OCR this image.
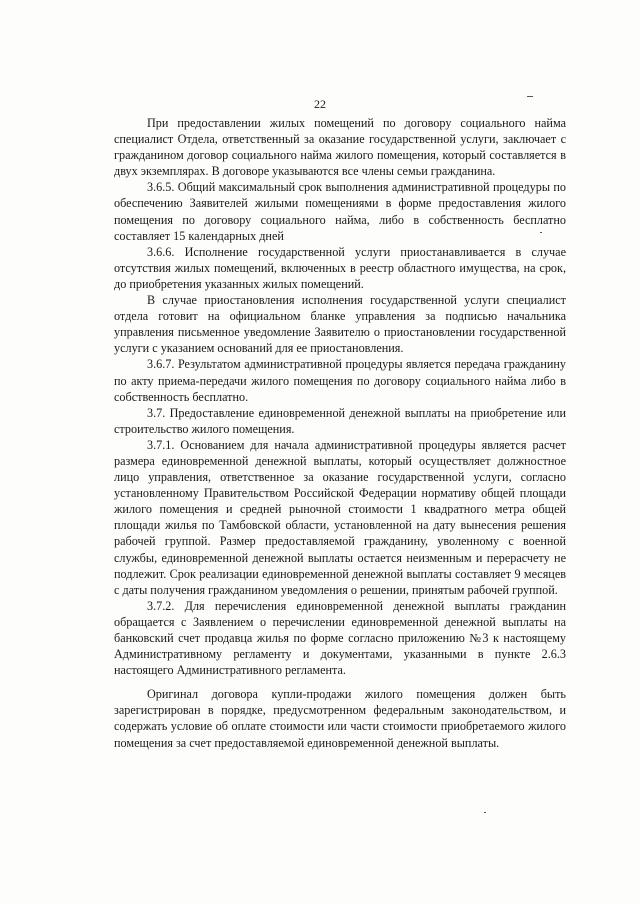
22

При предоставлении жилых помещений по договору социального найма специалист Отдела, ответственный за оказание государственной услуги, заключает с гражданином договор социального найма жилого помещения, который составляется в двух экземплярах. В договоре указываются все члены семьи гражданина.

3.6.5. Общий максимальный срок выполнения административной процедуры по обеспечению Заявителей жилыми помещениями в форме предоставления жилого помещения по договору социального найма, либо в собственность бесплатно составляет 15 календарных дней

3.6.6. Исполнение государственной услуги приостанавливается в случае отсутствия жилых помещений, включенных в реестр областного имущества, на срок, до приобретения указанных жилых помещений.

В случае приостановления исполнения государственной услуги специалист отдела готовит на официальном бланке управления за подписью начальника управления письменное уведомление Заявителю о приостановлении государственной услуги с указанием оснований для ее приостановления.

3.6.7. Результатом административной процедуры является передача гражданину по акту приема-передачи жилого помещения по договору социального найма либо в собственность бесплатно.

3.7. Предоставление единовременной денежной выплаты на приобретение или строительство жилого помещения.

3.7.1. Основанием для начала административной процедуры является расчет размера единовременной денежной выплаты, который осуществляет должностное лицо управления, ответственное за оказание государственной услуги, согласно установленному Правительством Российской Федерации нормативу общей площади жилого помещения и средней рыночной стоимости 1 квадратного метра общей площади жилья по Тамбовской области, установленной на дату вынесения решения рабочей группой. Размер предоставляемой гражданину, уволенному с военной службы, единовременной денежной выплаты остается неизменным и перерасчету не подлежит. Срок реализации единовременной денежной выплаты составляет 9 месяцев с даты получения гражданином уведомления о решении, принятым рабочей группой.

3.7.2. Для перечисления единовременной денежной выплаты гражданин обращается с Заявлением о перечислении единовременной денежной выплаты на банковский счет продавца жилья по форме согласно приложению №3 к настоящему Административному регламенту и документами, указанными в пункте 2.6.3 настоящего Административного регламента.

Оригинал договора купли-продажи жилого помещения должен быть зарегистрирован в порядке, предусмотренном федеральным законодательством, и содержать условие об оплате стоимости или части стоимости приобретаемого жилого помещения за счет предоставляемой единовременной денежной выплаты.
